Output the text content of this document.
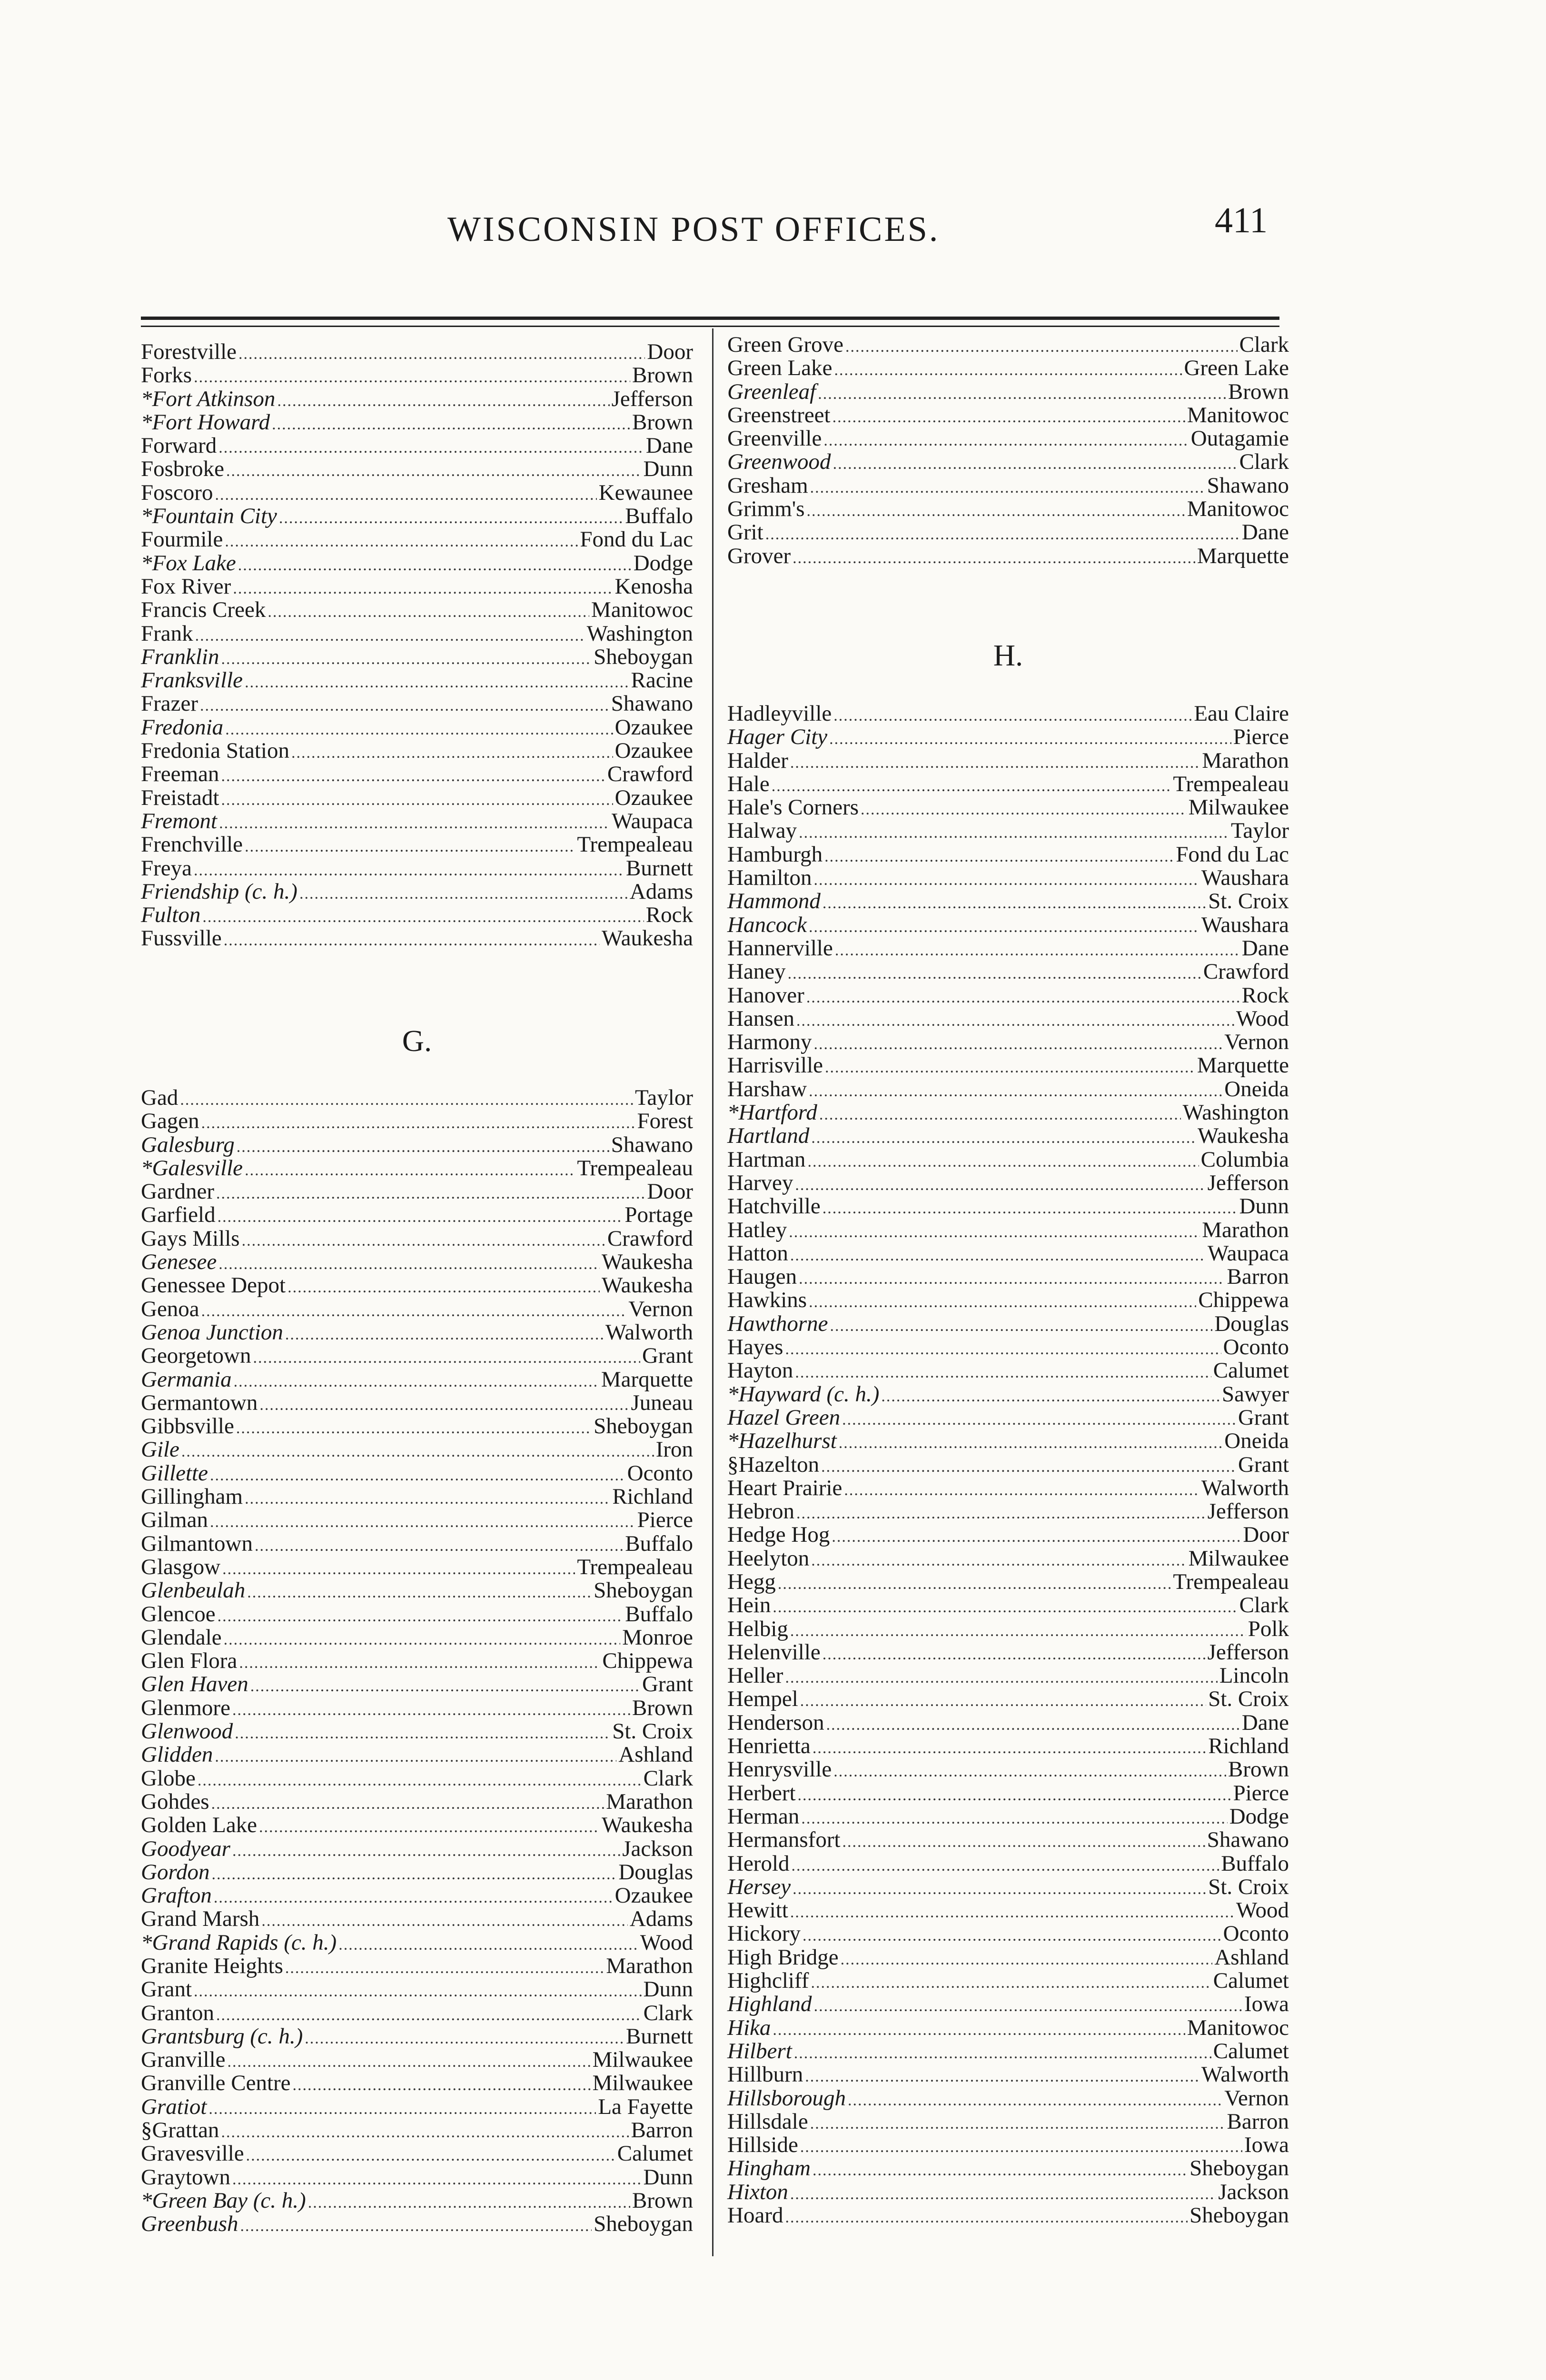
WISCONSIN POST OFFICES.	411
Forestville .....	Door
Forks .....	Brown
*Fort Atkinson .....	Jefferson
*Fort Howard .....	Brown
Forward .....	Dane
Fosbroke .....	Dunn
Foscoro .....	Kewaunee
*Fountain City .....	Buffalo
Fourmile .....	Fond du Lac
*Fox Lake .....	Dodge
Fox River .....	Kenosha
Francis Creek .....	Manitowoc
Frank .....	Washington
Franklin .....	Sheboygan
Franksville .....	Racine
Frazer .....	Shawano
Fredonia .....	Ozaukee
Fredonia Station .....	Ozaukee
Freeman .....	Crawford
Freistadt .....	Ozaukee
Fremont .....	Waupaca
Frenchville .....	Trempealeau
Freya .....	Burnett
Friendship (c. h.) .....	Adams
Fulton .....	Rock
Fussville .....	Waukesha
G.
Gad .....	Taylor
Gagen .....	Forest
Galesburg .....	Shawano
*Galesville .....	Trempealeau
Gardner .....	Door
Garfield .....	Portage
Gays Mills .....	Crawford
Genesee .....	Waukesha
Genessee Depot .....	Waukesha
Genoa .....	Vernon
Genoa Junction .....	Walworth
Georgetown .....	Grant
Germania .....	Marquette
Germantown .....	Juneau
Gibbsville .....	Sheboygan
Gile .....	Iron
Gillette .....	Oconto
Gillingham .....	Richland
Gilman .....	Pierce
Gilmantown .....	Buffalo
Glasgow .....	Trempealeau
Glenbeulah .....	Sheboygan
Glencoe .....	Buffalo
Glendale .....	Monroe
Glen Flora .....	Chippewa
Glen Haven .....	Grant
Glenmore .....	Brown
Glenwood .....	St. Croix
Glidden .....	Ashland
Globe .....	Clark
Gohdes .....	Marathon
Golden Lake .....	Waukesha
Goodyear .....	Jackson
Gordon .....	Douglas
Grafton .....	Ozaukee
Grand Marsh .....	Adams
*Grand Rapids (c. h.) .....	Wood
Granite Heights .....	Marathon
Grant .....	Dunn
Granton .....	Clark
Grantsburg (c. h.) .....	Burnett
Granville .....	Milwaukee
Granville Centre .....	Milwaukee
Gratiot .....	La Fayette
§Grattan .....	Barron
Gravesville .....	Calumet
Graytown .....	Dunn
*Green Bay (c. h.) .....	Brown
Greenbush .....	Sheboygan
Green Grove .....	Clark
Green Lake .....	Green Lake
Greenleaf .....	Brown
Greenstreet .....	Manitowoc
Greenville .....	Outagamie
Greenwood .....	Clark
Gresham .....	Shawano
Grimm's .....	Manitowoc
Grit .....	Dane
Grover .....	Marquette
H.
Hadleyville .....	Eau Claire
Hager City .....	Pierce
Halder .....	Marathon
Hale .....	Trempealeau
Hale's Corners .....	Milwaukee
Halway .....	Taylor
Hamburgh .....	Fond du Lac
Hamilton .....	Waushara
Hammond .....	St. Croix
Hancock .....	Waushara
Hannerville .....	Dane
Haney .....	Crawford
Hanover .....	Rock
Hansen .....	Wood
Harmony .....	Vernon
Harrisville .....	Marquette
Harshaw .....	Oneida
*Hartford .....	Washington
Hartland .....	Waukesha
Hartman .....	Columbia
Harvey .....	Jefferson
Hatchville .....	Dunn
Hatley .....	Marathon
Hatton .....	Waupaca
Haugen .....	Barron
Hawkins .....	Chippewa
Hawthorne .....	Douglas
Hayes .....	Oconto
Hayton .....	Calumet
*Hayward (c. h.) .....	Sawyer
Hazel Green .....	Grant
*Hazelhurst .....	Oneida
§Hazelton .....	Grant
Heart Prairie .....	Walworth
Hebron .....	Jefferson
Hedge Hog .....	Door
Heelyton .....	Milwaukee
Hegg .....	Trempealeau
Hein .....	Clark
Helbig .....	Polk
Helenville .....	Jefferson
Heller .....	Lincoln
Hempel .....	St. Croix
Henderson .....	Dane
Henrietta .....	Richland
Henrysville .....	Brown
Herbert .....	Pierce
Herman .....	Dodge
Hermansfort .....	Shawano
Herold .....	Buffalo
Hersey .....	St. Croix
Hewitt .....	Wood
Hickory .....	Oconto
High Bridge .....	Ashland
Highcliff .....	Calumet
Highland .....	Iowa
Hika .....	Manitowoc
Hilbert .....	Calumet
Hillburn .....	Walworth
Hillsborough .....	Vernon
Hillsdale .....	Barron
Hillside .....	Iowa
Hingham .....	Sheboygan
Hixton .....	Jackson
Hoard .....	Sheboygan
